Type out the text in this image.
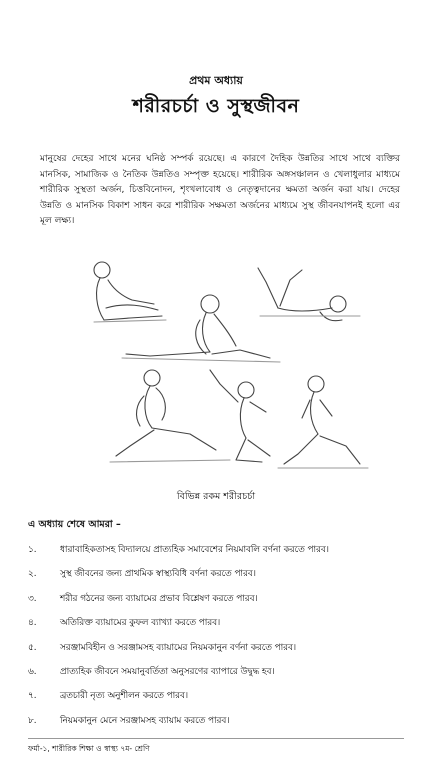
প্রথম অধ্যায়
শরীরচর্চা ও সুস্থজীবন

মানুষের দেহের সাথে মনের ঘনিষ্ঠ সম্পর্ক রয়েছে। এ কারণে দৈহিক উন্নতির সাথে সাথে ব্যক্তির মানসিক, সামাজিক ও নৈতিক উন্নতিও সম্পৃক্ত হয়েছে। শারীরিক অঙ্গসঞ্চালন ও খেলাধুলার মাধ্যমে শারীরিক সুস্থতা অর্জন, চিত্তবিনোদন, শৃংখলাবোধ ও নেতৃত্বদানের ক্ষমতা অর্জন করা যায়। দেহের উন্নতি ও মানসিক বিকাশ সাধন করে শারীরিক সক্ষমতা অর্জনের মাধ্যমে সুস্থ জীবনযাপনই হলো এর মূল লক্ষ্য।

বিভিন্ন রকম শরীরচর্চা
এ অধ্যায় শেষে আমরা –
১.	ধারাবাহিকতাসহ বিদ্যালয়ে প্রাত্যহিক সমাবেশের নিয়মাবলি বর্ণনা করতে পারব।
২.	সুস্থ জীবনের জন্য প্রাথমিক স্বাস্থ্যবিধি বর্ণনা করতে পারব।
৩.	শরীর গঠনের জন্য ব্যায়ামের প্রভাব বিশ্লেষণ করতে পারব।
৪.	অতিরিক্ত ব্যায়ামের কুফল ব্যাখ্যা করতে পারব।
৫.	সরঞ্জামবিহীন ও সরঞ্জামসহ ব্যায়ামের নিয়মকানুন বর্ণনা করতে পারব।
৬.	প্রাত্যহিক জীবনে সময়ানুবর্তিতা অনুসরণের ব্যাপারে উদ্বুদ্ধ হব।
৭.	ব্রতচারী নৃত্য অনুশীলন করতে পারব।
৮.	নিয়মকানুন মেনে সরঞ্জামসহ ব্যায়াম করতে পারব।
ফর্মা-১, শারীরিক শিক্ষা ও স্বাস্থ্য ৭ম- শ্রেণি
